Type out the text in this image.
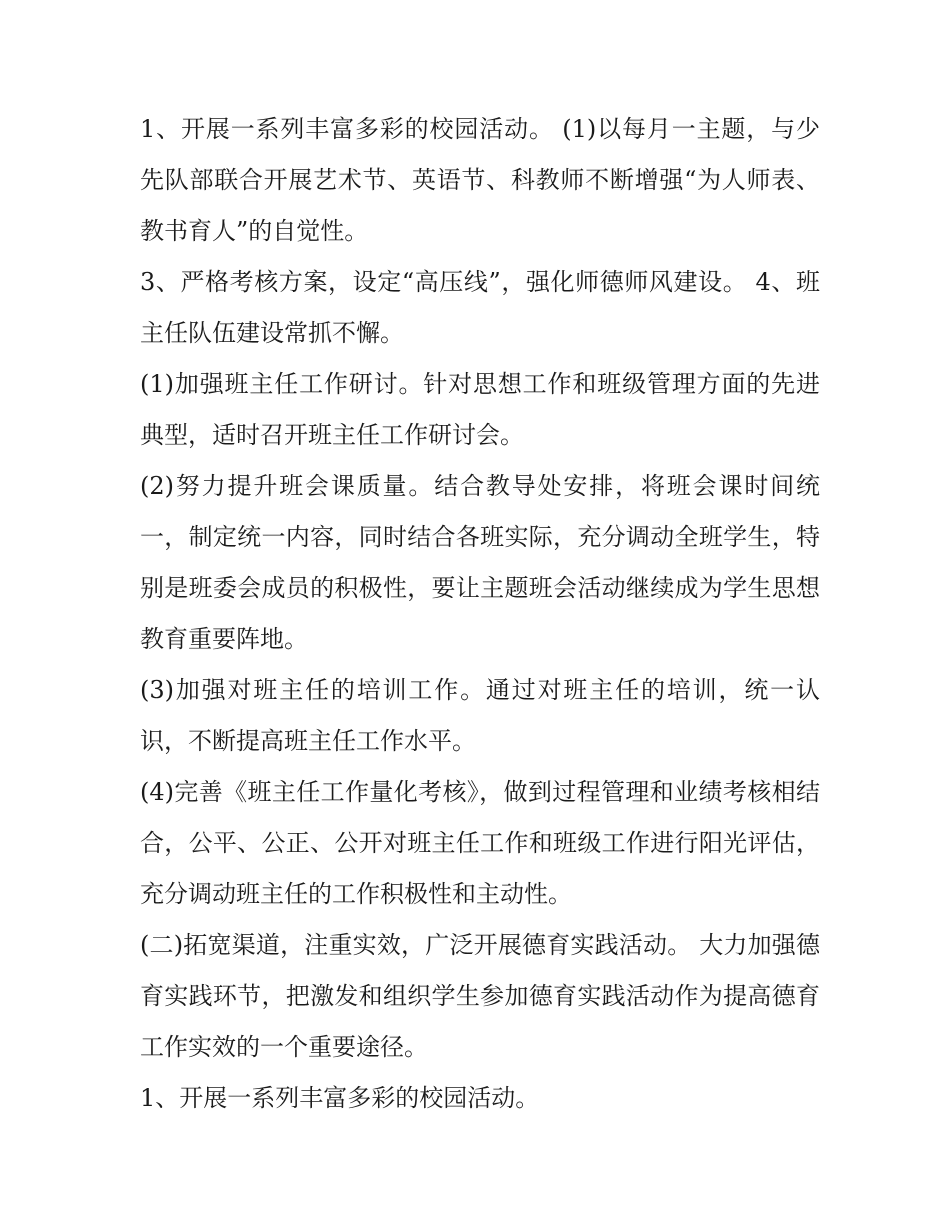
1、开展一系列丰富多彩的校园活动。 (1)以每月一主题，与少先队部联合开展艺术节、英语节、科教师不断增强“为人师表、教书育人”的自觉性。

3、严格考核方案，设定“高压线”，强化师德师风建设。 4、班主任队伍建设常抓不懈。

(1)加强班主任工作研讨。针对思想工作和班级管理方面的先进典型，适时召开班主任工作研讨会。

(2)努力提升班会课质量。结合教导处安排，将班会课时间统一，制定统一内容，同时结合各班实际，充分调动全班学生，特别是班委会成员的积极性，要让主题班会活动继续成为学生思想教育重要阵地。

(3)加强对班主任的培训工作。通过对班主任的培训，统一认识，不断提高班主任工作水平。

(4)完善《班主任工作量化考核》，做到过程管理和业绩考核相结合，公平、公正、公开对班主任工作和班级工作进行阳光评估，充分调动班主任的工作积极性和主动性。

(二)拓宽渠道，注重实效，广泛开展德育实践活动。 大力加强德育实践环节，把激发和组织学生参加德育实践活动作为提高德育工作实效的一个重要途径。

1、开展一系列丰富多彩的校园活动。
